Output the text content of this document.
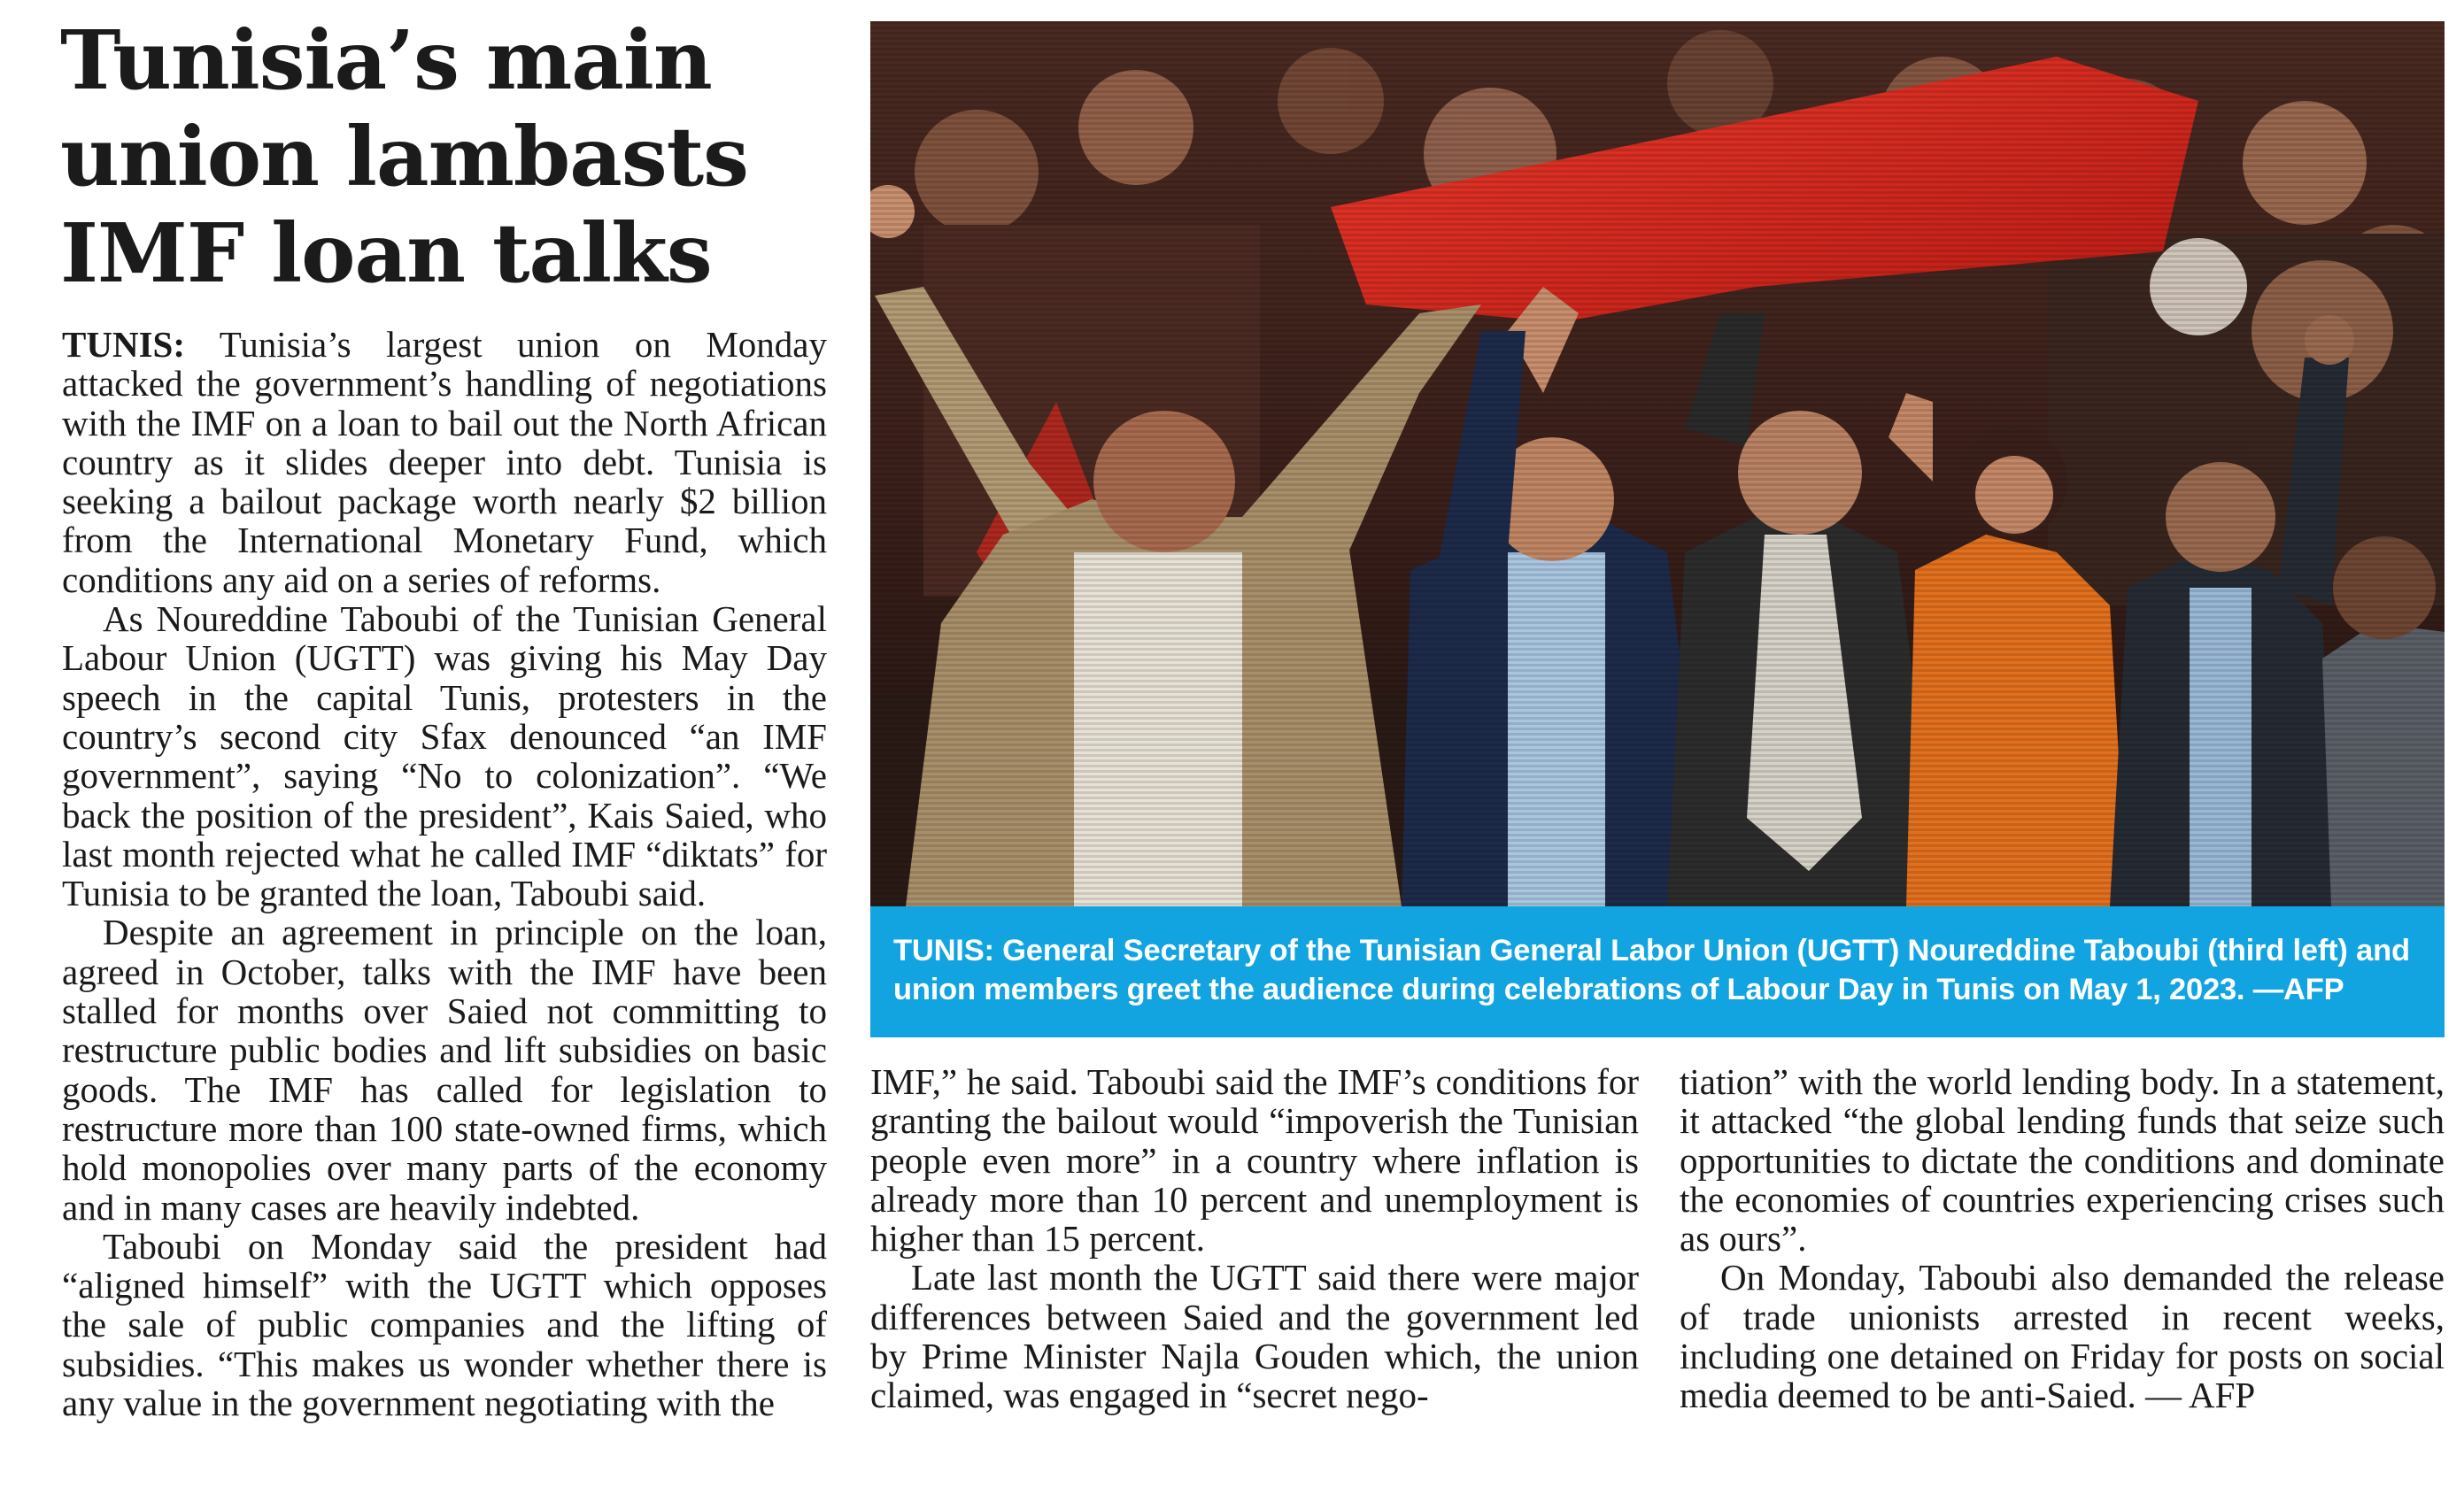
Tunisia’s main union lambasts IMF loan talks

TUNIS: Tunisia’s largest union on Monday attacked the government’s handling of negotiations with the IMF on a loan to bail out the North African country as it slides deeper into debt. Tunisia is seeking a bailout package worth nearly $2 billion from the International Monetary Fund, which conditions any aid on a series of reforms.

As Noureddine Taboubi of the Tunisian General Labour Union (UGTT) was giving his May Day speech in the capital Tunis, protesters in the country’s second city Sfax denounced “an IMF government”, saying “No to colonization”. “We back the position of the president”, Kais Saied, who last month rejected what he called IMF “diktats” for Tunisia to be granted the loan, Taboubi said.

Despite an agreement in principle on the loan, agreed in October, talks with the IMF have been stalled for months over Saied not committing to restructure public bodies and lift subsidies on basic goods. The IMF has called for legislation to restructure more than 100 state-owned firms, which hold monopolies over many parts of the economy and in many cases are heavily indebted.

Taboubi on Monday said the president had “aligned himself” with the UGTT which opposes the sale of public companies and the lifting of subsidies. “This makes us wonder whether there is any value in the government negotiating with the

TUNIS: General Secretary of the Tunisian General Labor Union (UGTT) Noureddine Taboubi (third left) and union members greet the audience during celebrations of Labour Day in Tunis on May 1, 2023. —AFP

IMF,” he said. Taboubi said the IMF’s conditions for granting the bailout would “impoverish the Tunisian people even more” in a country where inflation is already more than 10 percent and unemployment is higher than 15 percent.

Late last month the UGTT said there were major differences between Saied and the government led by Prime Minister Najla Gouden which, the union claimed, was engaged in “secret nego-

tiation” with the world lending body. In a statement, it attacked “the global lending funds that seize such opportunities to dictate the conditions and dominate the economies of countries experiencing crises such as ours”.

On Monday, Taboubi also demanded the release of trade unionists arrested in recent weeks, including one detained on Friday for posts on social media deemed to be anti-Saied. — AFP
